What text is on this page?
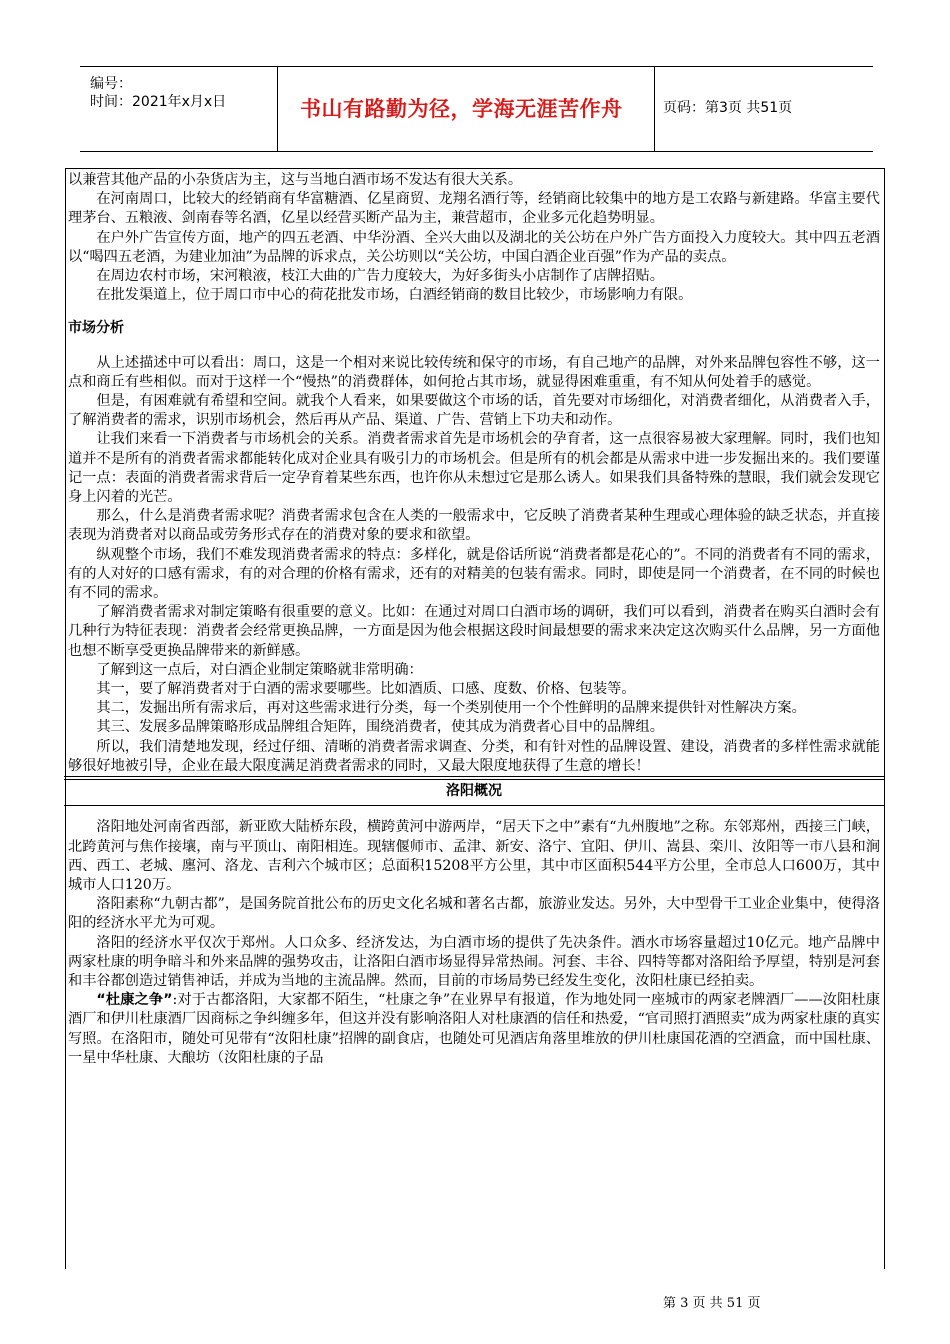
编号：
时间：2021年x月x日	书山有路勤为径，学海无涯苦作舟	页码：第3页 共51页

以兼营其他产品的小杂货店为主，这与当地白酒市场不发达有很大关系。

在河南周口，比较大的经销商有华富糖酒、亿星商贸、龙翔名酒行等，经销商比较集中的地方是工农路与新建路。华富主要代理茅台、五粮液、剑南春等名酒，亿星以经营买断产品为主，兼营超市，企业多元化趋势明显。

在户外广告宣传方面，地产的四五老酒、中华汾酒、全兴大曲以及湖北的关公坊在户外广告方面投入力度较大。其中四五老酒以“喝四五老酒，为建业加油”为品牌的诉求点，关公坊则以“关公坊，中国白酒企业百强”作为产品的卖点。

在周边农村市场，宋河粮液，枝江大曲的广告力度较大，为好多街头小店制作了店牌招贴。

在批发渠道上，位于周口市中心的荷花批发市场，白酒经销商的数目比较少，市场影响力有限。

市场分析

从上述描述中可以看出：周口，这是一个相对来说比较传统和保守的市场，有自己地产的品牌，对外来品牌包容性不够，这一点和商丘有些相似。而对于这样一个“慢热”的消费群体，如何抢占其市场，就显得困难重重，有不知从何处着手的感觉。

但是，有困难就有希望和空间。就我个人看来，如果要做这个市场的话，首先要对市场细化，对消费者细化，从消费者入手，了解消费者的需求，识别市场机会，然后再从产品、渠道、广告、营销上下功夫和动作。

让我们来看一下消费者与市场机会的关系。消费者需求首先是市场机会的孕育者，这一点很容易被大家理解。同时，我们也知道并不是所有的消费者需求都能转化成对企业具有吸引力的市场机会。但是所有的机会都是从需求中进一步发掘出来的。我们要谨记一点：表面的消费者需求背后一定孕育着某些东西，也许你从未想过它是那么诱人。如果我们具备特殊的慧眼，我们就会发现它身上闪着的光芒。

那么，什么是消费者需求呢？消费者需求包含在人类的一般需求中，它反映了消费者某种生理或心理体验的缺乏状态，并直接表现为消费者对以商品或劳务形式存在的消费对象的要求和欲望。

纵观整个市场，我们不难发现消费者需求的特点：多样化，就是俗话所说“消费者都是花心的”。不同的消费者有不同的需求，有的人对好的口感有需求，有的对合理的价格有需求，还有的对精美的包装有需求。同时，即使是同一个消费者，在不同的时候也有不同的需求。

了解消费者需求对制定策略有很重要的意义。比如：在通过对周口白酒市场的调研，我们可以看到，消费者在购买白酒时会有几种行为特征表现：消费者会经常更换品牌，一方面是因为他会根据这段时间最想要的需求来决定这次购买什么品牌，另一方面他也想不断享受更换品牌带来的新鲜感。

了解到这一点后，对白酒企业制定策略就非常明确：

其一，要了解消费者对于白酒的需求要哪些。比如酒质、口感、度数、价格、包装等。

其二，发掘出所有需求后，再对这些需求进行分类，每一个类别使用一个个性鲜明的品牌来提供针对性解决方案。

其三、发展多品牌策略形成品牌组合矩阵，围绕消费者，使其成为消费者心目中的品牌组。

所以，我们清楚地发现，经过仔细、清晰的消费者需求调查、分类，和有针对性的品牌设置、建设，消费者的多样性需求就能够很好地被引导，企业在最大限度满足消费者需求的同时，又最大限度地获得了生意的增长！

洛阳概况

洛阳地处河南省西部，新亚欧大陆桥东段，横跨黄河中游两岸，“居天下之中”素有“九州腹地”之称。东邻郑州，西接三门峡，北跨黄河与焦作接壤，南与平顶山、南阳相连。现辖偃师市、孟津、新安、洛宁、宜阳、伊川、嵩县、栾川、汝阳等一市八县和涧西、西工、老城、廛河、洛龙、吉利六个城市区；总面积15208平方公里，其中市区面积544平方公里，全市总人口600万，其中城市人口120万。

洛阳素称“九朝古都”，是国务院首批公布的历史文化名城和著名古都，旅游业发达。另外，大中型骨干工业企业集中，使得洛阳的经济水平尤为可观。

洛阳的经济水平仅次于郑州。人口众多、经济发达，为白酒市场的提供了先决条件。酒水市场容量超过10亿元。地产品牌中两家杜康的明争暗斗和外来品牌的强势攻击，让洛阳白酒市场显得异常热闹。河套、丰谷、四特等都对洛阳给予厚望，特别是河套和丰谷都创造过销售神话，并成为当地的主流品牌。然而，目前的市场局势已经发生变化，汝阳杜康已经拍卖。

“杜康之争”:对于古都洛阳，大家都不陌生，“杜康之争”在业界早有报道，作为地处同一座城市的两家老牌酒厂——汝阳杜康酒厂和伊川杜康酒厂因商标之争纠缠多年，但这并没有影响洛阳人对杜康酒的信任和热爱，“官司照打酒照卖”成为两家杜康的真实写照。在洛阳市，随处可见带有“汝阳杜康”招牌的副食店，也随处可见酒店角落里堆放的伊川杜康国花酒的空酒盒，而中国杜康、一星中华杜康、大酿坊（汝阳杜康的子品

第 3 页 共 51 页
